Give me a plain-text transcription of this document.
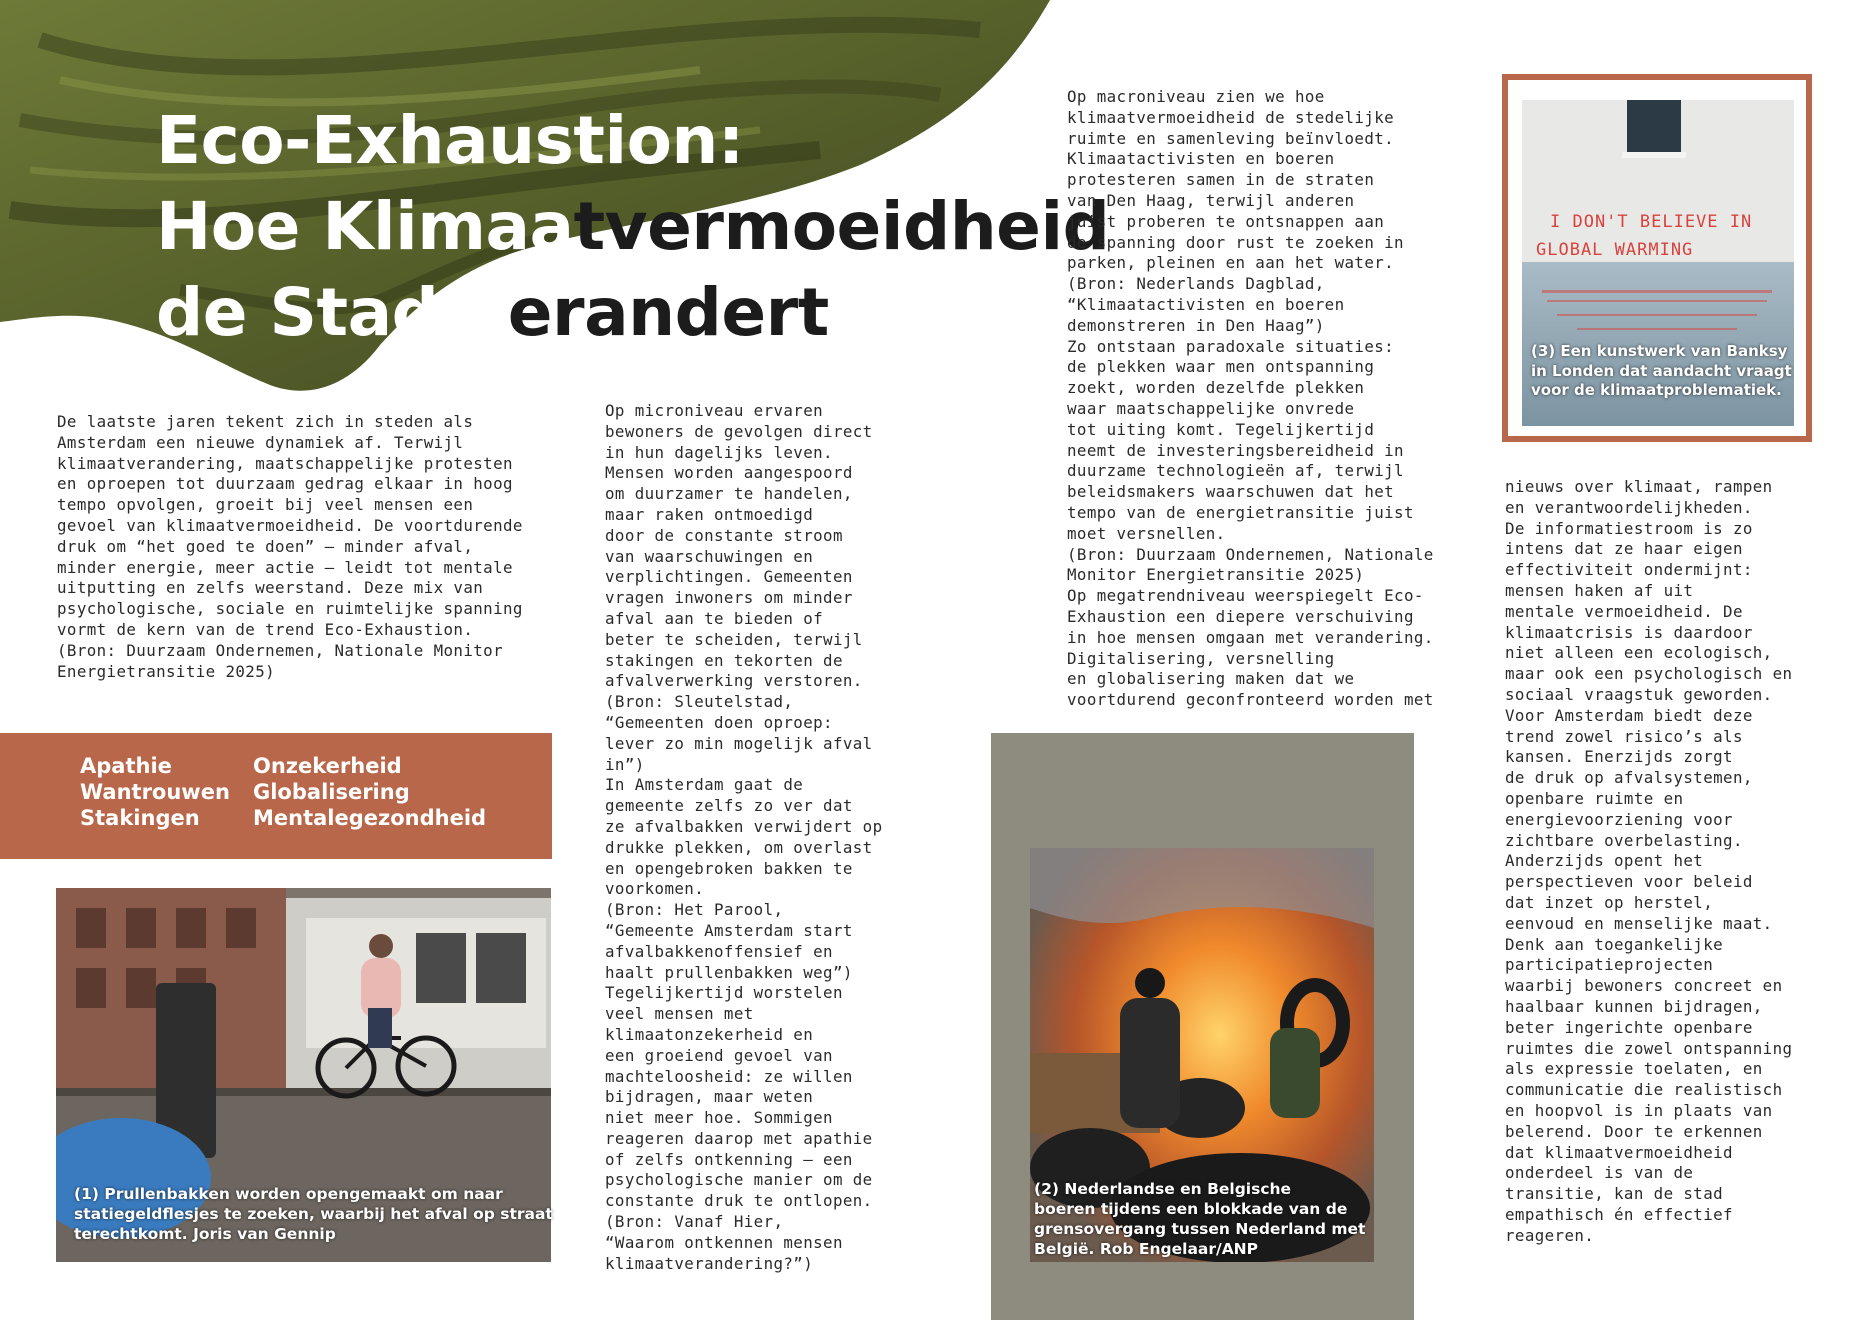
Eco-Exhaustion:
Hoe Klimaatvermoeidheid
de Stad Verandert
De laatste jaren tekent zich in steden als
Amsterdam een nieuwe dynamiek af. Terwijl
klimaatverandering, maatschappelijke protesten
en oproepen tot duurzaam gedrag elkaar in hoog
tempo opvolgen, groeit bij veel mensen een
gevoel van klimaatvermoeidheid. De voortdurende
druk om “het goed te doen” — minder afval,
minder energie, meer actie — leidt tot mentale
uitputting en zelfs weerstand. Deze mix van
psychologische, sociale en ruimtelijke spanning
vormt de kern van de trend Eco-Exhaustion.
(Bron: Duurzaam Ondernemen, Nationale Monitor
Energietransitie 2025)
Apathie
Wantrouwen
Stakingen
Onzekerheid
Globalisering
Mentalegezondheid
(1) Prullenbakken worden opengemaakt om naar
statiegeldflesjes te zoeken, waarbij het afval op straat
terechtkomt. Joris van Gennip
Op microniveau ervaren
bewoners de gevolgen direct
in hun dagelijks leven.
Mensen worden aangespoord
om duurzamer te handelen,
maar raken ontmoedigd
door de constante stroom
van waarschuwingen en
verplichtingen. Gemeenten
vragen inwoners om minder
afval aan te bieden of
beter te scheiden, terwijl
stakingen en tekorten de
afvalverwerking verstoren.
(Bron: Sleutelstad,
“Gemeenten doen oproep:
lever zo min mogelijk afval
in”)
In Amsterdam gaat de
gemeente zelfs zo ver dat
ze afvalbakken verwijdert op
drukke plekken, om overlast
en opengebroken bakken te
voorkomen.
(Bron: Het Parool,
“Gemeente Amsterdam start
afvalbakkenoffensief en
haalt prullenbakken weg”)
Tegelijkertijd worstelen
veel mensen met
klimaatonzekerheid en
een groeiend gevoel van
machteloosheid: ze willen
bijdragen, maar weten
niet meer hoe. Sommigen
reageren daarop met apathie
of zelfs ontkenning — een
psychologische manier om de
constante druk te ontlopen.
(Bron: Vanaf Hier,
“Waarom ontkennen mensen
klimaatverandering?”)
(2) Nederlandse en Belgische
boeren tijdens een blokkade van de
grensovergang tussen Nederland met
België. Rob Engelaar/ANP
Op macroniveau zien we hoe
klimaatvermoeidheid de stedelijke
ruimte en samenleving beïnvloedt.
Klimaatactivisten en boeren
protesteren samen in de straten
van Den Haag, terwijl anderen
juist proberen te ontsnappen aan
de spanning door rust te zoeken in
parken, pleinen en aan het water.
(Bron: Nederlands Dagblad,
“Klimaatactivisten en boeren
demonstreren in Den Haag”)
Zo ontstaan paradoxale situaties:
de plekken waar men ontspanning
zoekt, worden dezelfde plekken
waar maatschappelijke onvrede
tot uiting komt. Tegelijkertijd
neemt de investeringsbereidheid in
duurzame technologieën af, terwijl
beleidsmakers waarschuwen dat het
tempo van de energietransitie juist
moet versnellen.
(Bron: Duurzaam Ondernemen, Nationale
Monitor Energietransitie 2025)
Op megatrendniveau weerspiegelt Eco-
Exhaustion een diepere verschuiving
in hoe mensen omgaan met verandering.
Digitalisering, versnelling
en globalisering maken dat we
voortdurend geconfronteerd worden met
I DON'T BELIEVE IN
GLOBAL WARMING
(3) Een kunstwerk van Banksy
in Londen dat aandacht vraagt
voor de klimaatproblematiek.
nieuws over klimaat, rampen
en verantwoordelijkheden.
De informatiestroom is zo
intens dat ze haar eigen
effectiviteit ondermijnt:
mensen haken af uit
mentale vermoeidheid. De
klimaatcrisis is daardoor
niet alleen een ecologisch,
maar ook een psychologisch en
sociaal vraagstuk geworden.
Voor Amsterdam biedt deze
trend zowel risico’s als
kansen. Enerzijds zorgt
de druk op afvalsystemen,
openbare ruimte en
energievoorziening voor
zichtbare overbelasting.
Anderzijds opent het
perspectieven voor beleid
dat inzet op herstel,
eenvoud en menselijke maat.
Denk aan toegankelijke
participatieprojecten
waarbij bewoners concreet en
haalbaar kunnen bijdragen,
beter ingerichte openbare
ruimtes die zowel ontspanning
als expressie toelaten, en
communicatie die realistisch
en hoopvol is in plaats van
belerend. Door te erkennen
dat klimaatvermoeidheid
onderdeel is van de
transitie, kan de stad
empathisch én effectief
reageren.
